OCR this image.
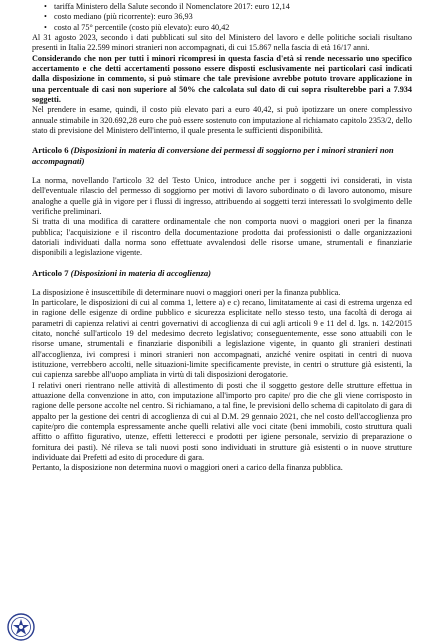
• tariffa Ministero della Salute secondo il Nomenclatore 2017: euro 12,14
• costo mediano (più ricorrente): euro 36,93
• costo al 75° percentile (costo più elevato): euro 40,42

Al 31 agosto 2023, secondo i dati pubblicati sul sito del Ministero del lavoro e delle politiche sociali risultano presenti in Italia 22.599 minori stranieri non accompagnati, di cui 15.867 nella fascia di età 16/17 anni.

Considerando che non per tutti i minori ricompresi in questa fascia d'età si rende necessario uno specifico accertamento e che detti accertamenti possono essere disposti esclusivamente nei particolari casi indicati dalla disposizione in commento, si può stimare che tale previsione avrebbe potuto trovare applicazione in una percentuale di casi non superiore al 50% che calcolata sul dato di cui sopra risulterebbe pari a 7.934 soggetti.

Nel prendere in esame, quindi, il costo più elevato pari a euro 40,42, si può ipotizzare un onere complessivo annuale stimabile in 320.692,28 euro che può essere sostenuto con imputazione al richiamato capitolo 2353/2, dello stato di previsione del Ministero dell'interno, il quale presenta le sufficienti disponibilità.

Articolo 6 (Disposizioni in materia di conversione dei permessi di soggiorno per i minori stranieri non accompagnati)

La norma, novellando l'articolo 32 del Testo Unico, introduce anche per i soggetti ivi considerati, in vista dell'eventuale rilascio del permesso di soggiorno per motivi di lavoro subordinato o di lavoro autonomo, misure analoghe a quelle già in vigore per i flussi di ingresso, attribuendo ai soggetti terzi interessati lo svolgimento delle verifiche preliminari.

Si tratta di una modifica di carattere ordinamentale che non comporta nuovi o maggiori oneri per la finanza pubblica; l'acquisizione e il riscontro della documentazione prodotta dai professionisti o dalle organizzazioni datoriali individuati dalla norma sono effettuate avvalendosi delle risorse umane, strumentali e finanziarie disponibili a legislazione vigente.

Articolo 7 (Disposizioni in materia di accoglienza)

La disposizione è insuscettibile di determinare nuovi o maggiori oneri per la finanza pubblica.

In particolare, le disposizioni di cui al comma 1, lettere a) e c) recano, limitatamente ai casi di estrema urgenza ed in ragione delle esigenze di ordine pubblico e sicurezza esplicitate nello stesso testo, una facoltà di deroga ai parametri di capienza relativi ai centri governativi di accoglienza di cui agli articoli 9 e 11 del d. lgs. n. 142/2015 citato, nonché sull'articolo 19 del medesimo decreto legislativo; conseguentemente, esse sono attuabili con le risorse umane, strumentali e finanziarie disponibili a legislazione vigente, in quanto gli stranieri destinati all'accoglienza, ivi compresi i minori stranieri non accompagnati, anziché venire ospitati in centri di nuova istituzione, verrebbero accolti, nelle situazioni-limite specificamente previste, in centri o strutture già esistenti, la cui capienza sarebbe all'uopo ampliata in virtù di tali disposizioni derogatorie.

I relativi oneri rientrano nelle attività di allestimento di posti che il soggetto gestore delle strutture effettua in attuazione della convenzione in atto, con imputazione all'importo pro capite/ pro die che gli viene corrisposto in ragione delle persone accolte nel centro. Si richiamano, a tal fine, le previsioni dello schema di capitolato di gara di appalto per la gestione dei centri di accoglienza di cui al D.M. 29 gennaio 2021, che nel costo dell'accoglienza pro capite/pro die contempla espressamente anche quelli relativi alle voci citate (beni immobili, costo struttura quali affitto o affitto figurativo, utenze, effetti letterecci e prodotti per igiene personale, servizio di preparazione o fornitura dei pasti). Né rileva se tali nuovi posti sono individuati in strutture già esistenti o in nuove strutture individuate dai Prefetti ad esito di procedure di gara.

Pertanto, la disposizione non determina nuovi o maggiori oneri a carico della finanza pubblica.
